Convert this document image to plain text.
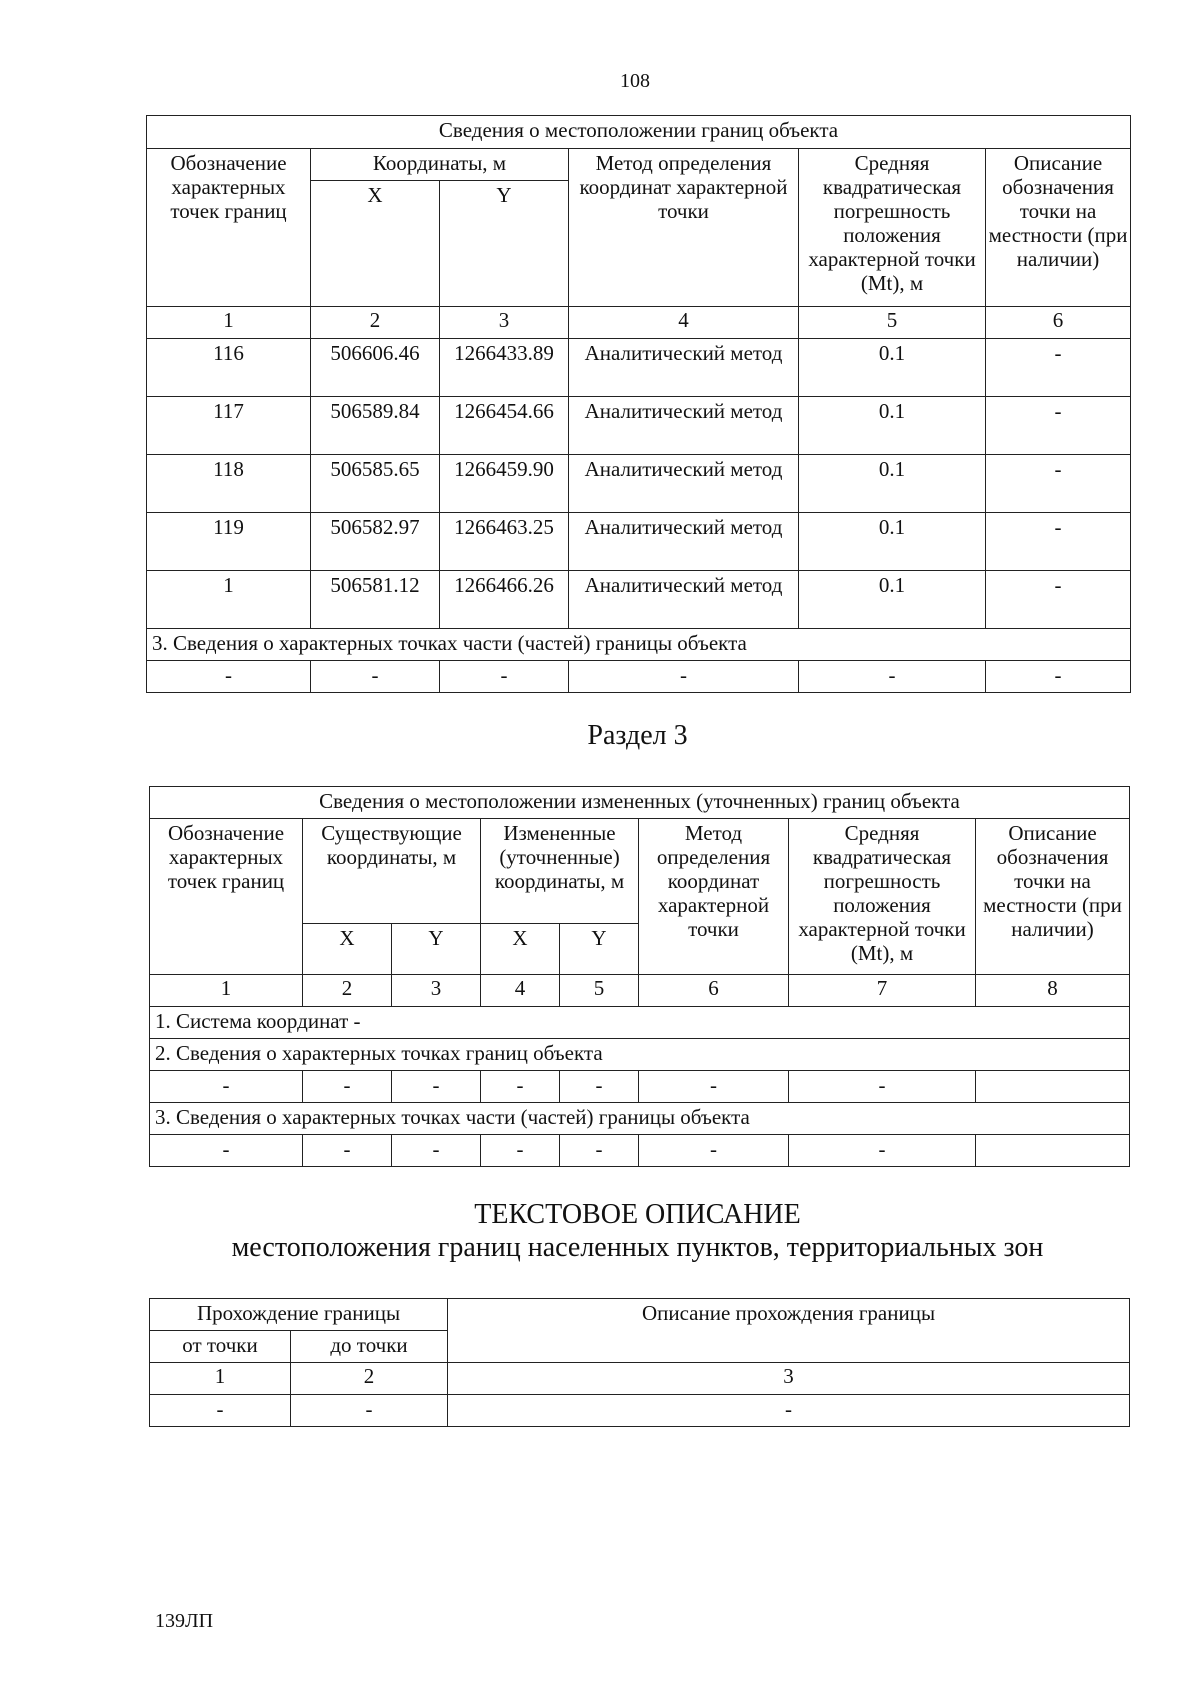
108
Сведения о местоположении границ объекта					
Обозначение характерных точек границ	Координаты, м		Метод определения координат характерной точки	Средняя квадратическая погрешность положения характерной точки (Mt), м	Описание обозначения точки на местности (при наличии)
	X	Y			
1	2	3	4	5	6
116	506606.46	1266433.89	Аналитический метод	0.1	-
117	506589.84	1266454.66	Аналитический метод	0.1	-
118	506585.65	1266459.90	Аналитический метод	0.1	-
119	506582.97	1266463.25	Аналитический метод	0.1	-
1	506581.12	1266466.26	Аналитический метод	0.1	-
3. Сведения о характерных точках части (частей) границы объекта					
-	-	-	-	-	-
Раздел 3
Сведения о местоположении измененных (уточненных) границ объекта							
Обозначение характерных точек границ	Существующие координаты, м		Измененные (уточненные) координаты, м		Метод определения координат характерной точки	Средняя квадратическая погрешность положения характерной точки (Mt), м	Описание обозначения точки на местности (при наличии)
	X	Y	X	Y			
1	2	3	4	5	6	7	8
1. Система координат -							
2. Сведения о характерных точках границ объекта							
-	-	-	-	-	-	-	
3. Сведения о характерных точках части (частей) границы объекта							
-	-	-	-	-	-	-	
ТЕКСТОВОЕ ОПИСАНИЕ
местоположения границ населенных пунктов, территориальных зон
Прохождение границы		Описание прохождения границы
от точки	до точки	
1	2	3
-	-	-
139ЛП
